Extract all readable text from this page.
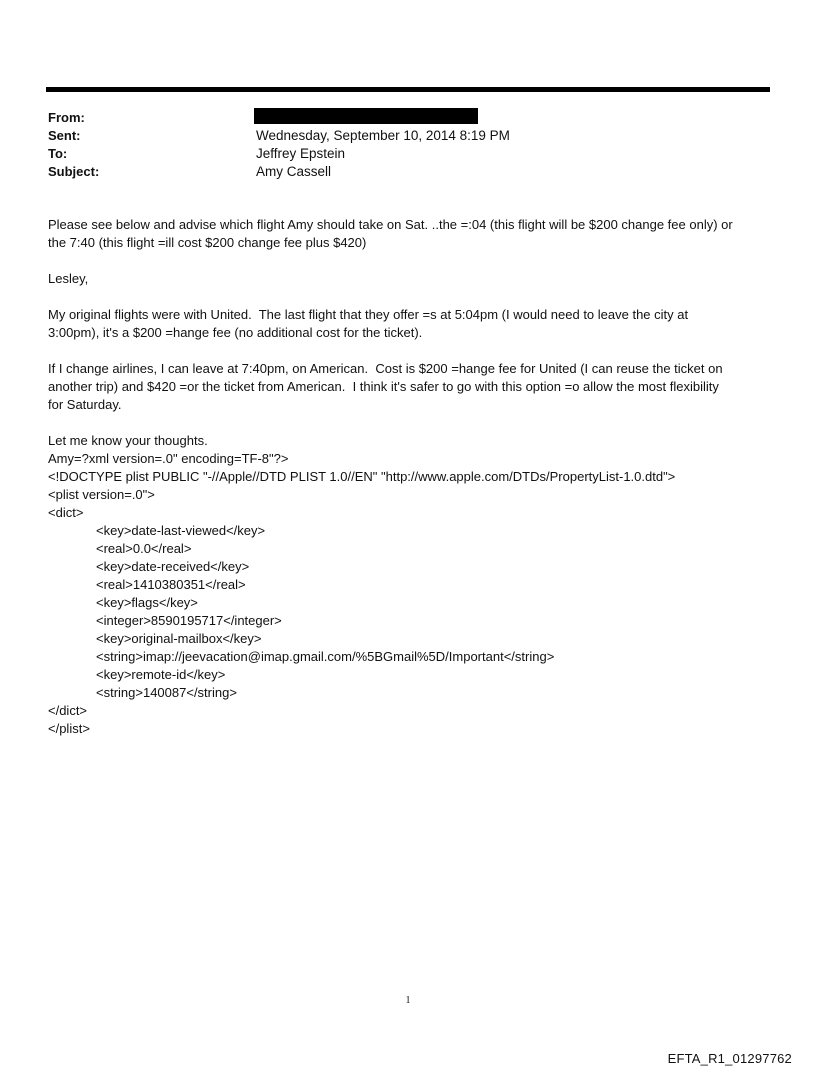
From:
Sent:	Wednesday, September 10, 2014 8:19 PM
To:	Jeffrey Epstein
Subject:	Amy Cassell

Please see below and advise which flight Amy should take on Sat. ..the =:04 (this flight will be $200 change fee only) or
the 7:40 (this flight =ill cost $200 change fee plus $420)

Lesley,

My original flights were with United.  The last flight that they offer =s at 5:04pm (I would need to leave the city at
3:00pm), it's a $200 =hange fee (no additional cost for the ticket).

If I change airlines, I can leave at 7:40pm, on American.  Cost is $200 =hange fee for United (I can reuse the ticket on
another trip) and $420 =or the ticket from American.  I think it's safer to go with this option =o allow the most flexibility
for Saturday.

Let me know your thoughts.
Amy=?xml version=.0" encoding=TF-8"?>
<!DOCTYPE plist PUBLIC "-//Apple//DTD PLIST 1.0//EN" "http://www.apple.com/DTDs/PropertyList-1.0.dtd">
<plist version=.0">
<dict>
<key>date-last-viewed</key>
<real>0.0</real>
<key>date-received</key>
<real>1410380351</real>
<key>flags</key>
<integer>8590195717</integer>
<key>original-mailbox</key>
<string>imap://jeevacation@imap.gmail.com/%5BGmail%5D/Important</string>
<key>remote-id</key>
<string>140087</string>
</dict>
</plist>
1
EFTA_R1_01297762
